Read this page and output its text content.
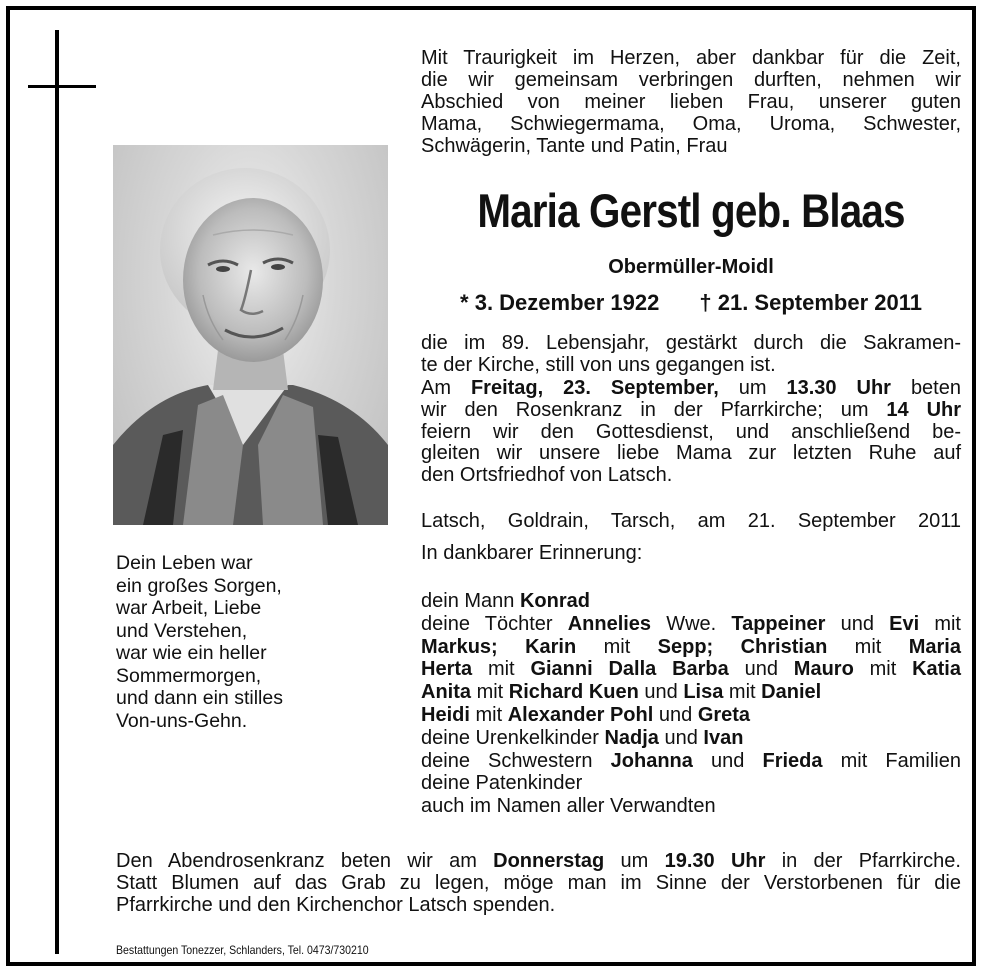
Dein Leben war
ein großes Sorgen,
war Arbeit, Liebe
und Verstehen,
war wie ein heller
Sommermorgen,
und dann ein stilles
Von-uns-Gehn.
Mit Traurigkeit im Herzen, aber dankbar für die Zeit,
die wir gemeinsam verbringen durften, nehmen wir
Abschied von meiner lieben Frau, unserer guten
Mama, Schwiegermama, Oma, Uroma, Schwester,
Schwägerin, Tante und Patin, Frau
Maria Gerstl geb. Blaas
Obermüller-Moidl
* 3. Dezember 1922 † 21. September 2011
die im 89. Lebensjahr, gestärkt durch die Sakramen-
te der Kirche, still von uns gegangen ist.
Am Freitag, 23. September, um 13.30 Uhr beten
wir den Rosenkranz in der Pfarrkirche; um 14 Uhr
feiern wir den Gottesdienst, und anschließend be-
gleiten wir unsere liebe Mama zur letzten Ruhe auf
den Ortsfriedhof von Latsch.
Latsch, Goldrain, Tarsch, am 21. September 2011
In dankbarer Erinnerung:
dein Mann Konrad
deine Töchter Annelies Wwe. Tappeiner und Evi mit
Markus; Karin mit Sepp; Christian mit Maria
Herta mit Gianni Dalla Barba und Mauro mit Katia
Anita mit Richard Kuen und Lisa mit Daniel
Heidi mit Alexander Pohl und Greta
deine Urenkelkinder Nadja und Ivan
deine Schwestern Johanna und Frieda mit Familien
deine Patenkinder
auch im Namen aller Verwandten
Den Abendrosenkranz beten wir am Donnerstag um 19.30 Uhr in der Pfarrkirche.
Statt Blumen auf das Grab zu legen, möge man im Sinne der Verstorbenen für die
Pfarrkirche und den Kirchenchor Latsch spenden.
Bestattungen Tonezzer, Schlanders, Tel. 0473/730210
